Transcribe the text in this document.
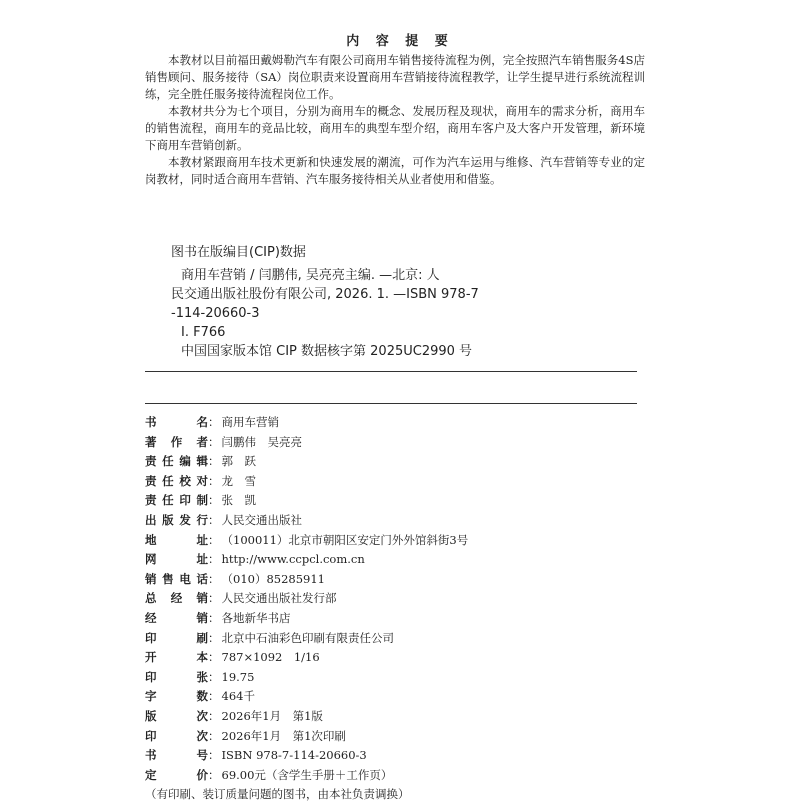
内 容 提 要

本教材以目前福田戴姆勒汽车有限公司商用车销售接待流程为例，完全按照汽车销售服务4S店销售顾问、服务接待（SA）岗位职责来设置商用车营销接待流程教学，让学生提早进行系统流程训练，完全胜任服务接待流程岗位工作。

本教材共分为七个项目，分别为商用车的概念、发展历程及现状，商用车的需求分析，商用车的销售流程，商用车的竞品比较，商用车的典型车型介绍，商用车客户及大客户开发管理，新环境下商用车营销创新。

本教材紧跟商用车技术更新和快速发展的潮流，可作为汽车运用与维修、汽车营销等专业的定岗教材，同时适合商用车营销、汽车服务接待相关从业者使用和借鉴。

图书在版编目(CIP)数据
商用车营销 / 闫鹏伟, 吴亮亮主编. —北京: 人
民交通出版社股份有限公司, 2026. 1. —ISBN 978-7
-114-20660-3
Ⅰ. F766
中国国家版本馆 CIP 数据核字第 2025UC2990 号
书　　名 ： 商用车营销
著 作 者 ： 闫鹏伟　吴亮亮
责任编辑 ： 郭　跃
责任校对 ： 龙　雪
责任印制 ： 张　凯
出版发行 ： 人民交通出版社
地　　址 ： （100011）北京市朝阳区安定门外外馆斜街3号
网　　址 ： http://www.ccpcl.com.cn
销售电话 ： （010）85285911
总 经 销 ： 人民交通出版社发行部
经　　销 ： 各地新华书店
印　　刷 ： 北京中石油彩色印刷有限责任公司
开　　本 ： 787×1092　1/16
印　　张 ： 19.75
字　　数 ： 464千
版　　次 ： 2026年1月　第1版
印　　次 ： 2026年1月　第1次印刷
书　　号 ： ISBN 978-7-114-20660-3
定　　价 ： 69.00元（含学生手册＋工作页）
（有印刷、装订质量问题的图书，由本社负责调换）
